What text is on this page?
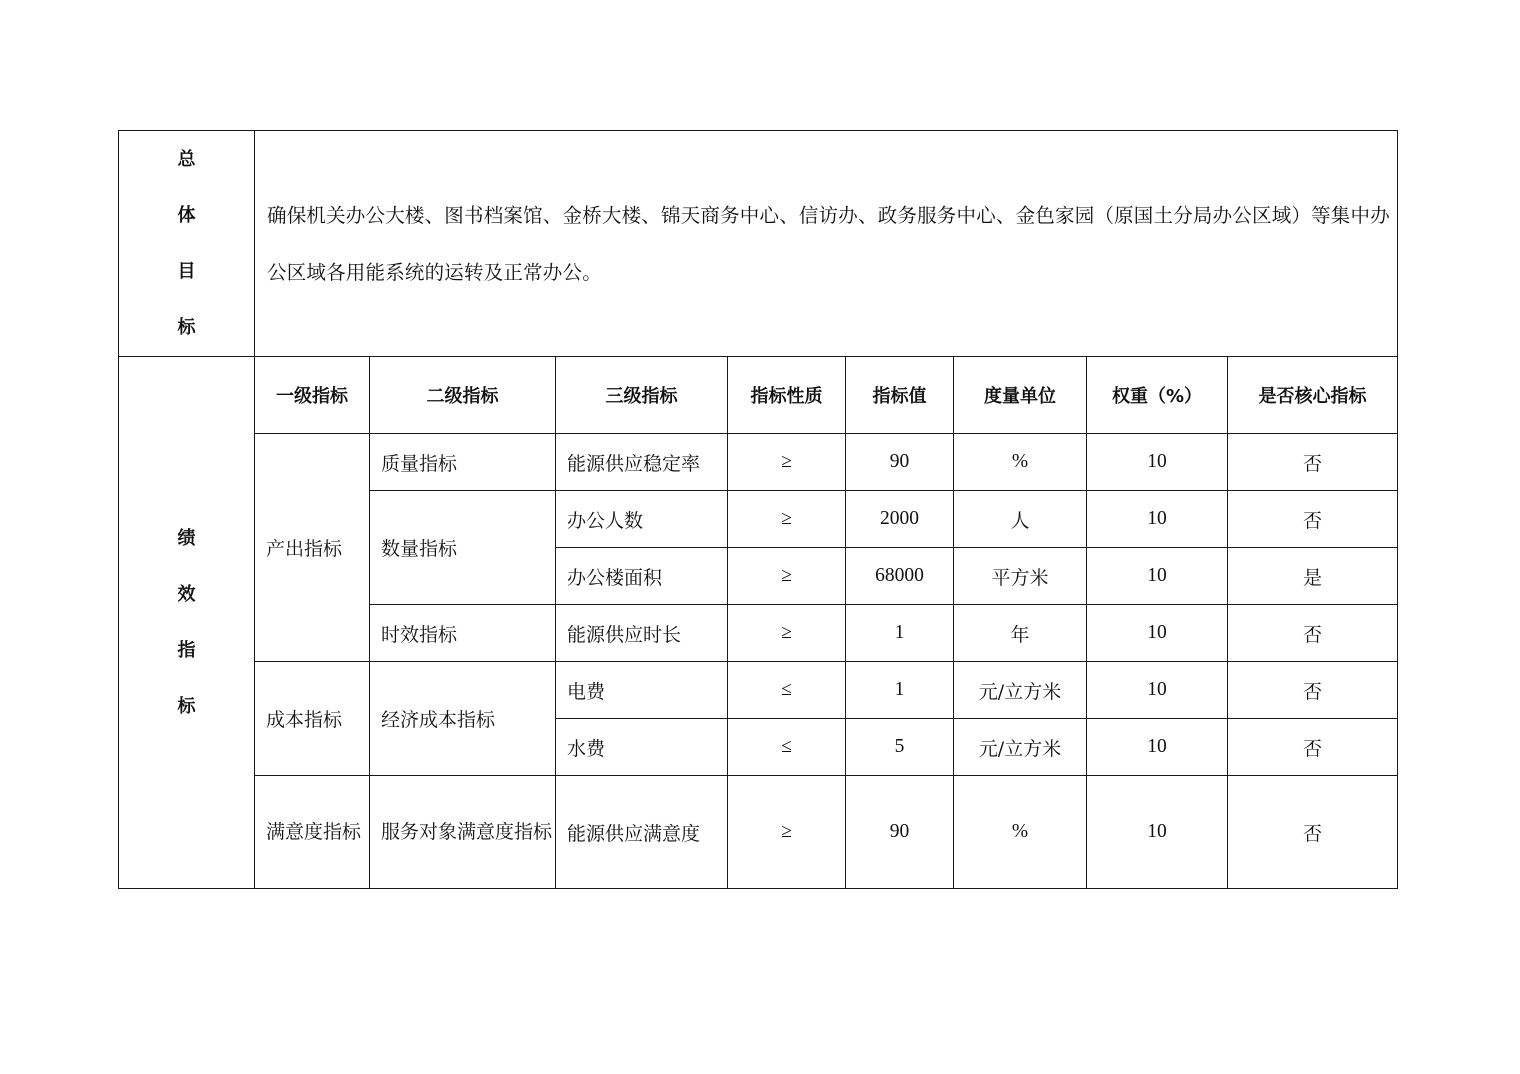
总
体
目
标	确保机关办公大楼、图书档案馆、金桥大楼、锦天商务中心、信访办、政务服务中心、金色家园（原国土分局办公区域）等集中办公区域各用能系统的运转及正常办公。							

绩
效
指
标	一级指标	二级指标	三级指标	指标性质	指标值	度量单位	权重（%）	是否核心指标
	产出指标	质量指标	能源供应稳定率	≥	90	%	10	否
		数量指标	办公人数	≥	2000	人	10	否
			办公楼面积	≥	68000	平方米	10	是
		时效指标	能源供应时长	≥	1	年	10	否
	成本指标	经济成本指标	电费	≤	1	元/立方米	10	否
			水费	≤	5	元/立方米	10	否
	满意度指标	服务对象满意度指标	能源供应满意度	≥	90	%	10	否
